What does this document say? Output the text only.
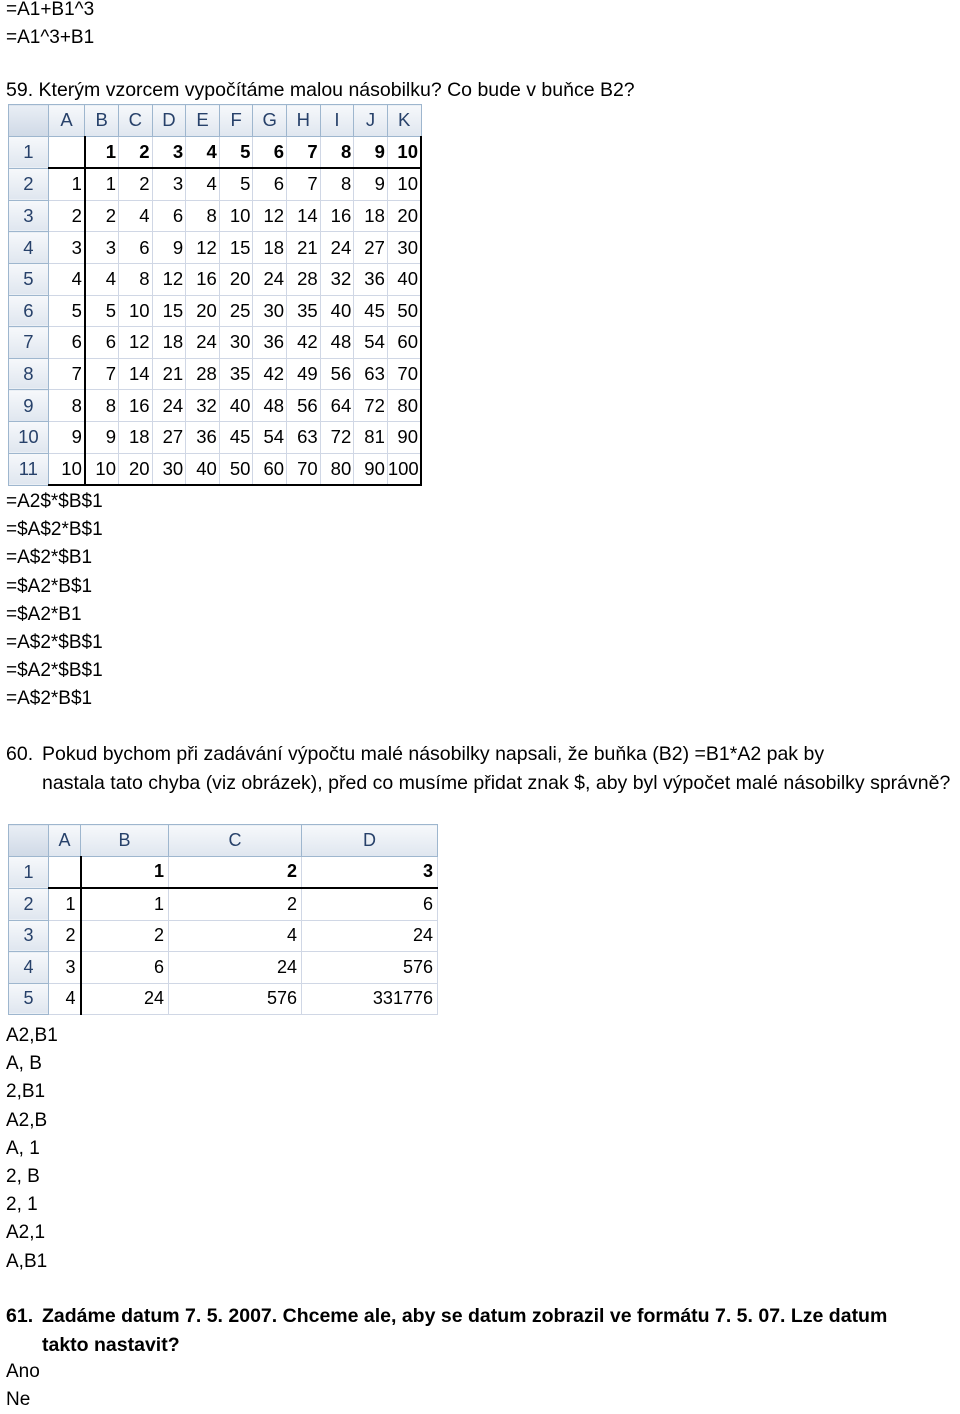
=A1+B1^3
=A1^3+B1
59. Kterým vzorcem vypočítáme malou násobilku? Co bude v buňce B2?
	A	B	C	D	E	F	G	H	I	J	K
1		1	2	3	4	5	6	7	8	9	10
2	1	1	2	3	4	5	6	7	8	9	10
3	2	2	4	6	8	10	12	14	16	18	20
4	3	3	6	9	12	15	18	21	24	27	30
5	4	4	8	12	16	20	24	28	32	36	40
6	5	5	10	15	20	25	30	35	40	45	50
7	6	6	12	18	24	30	36	42	48	54	60
8	7	7	14	21	28	35	42	49	56	63	70
9	8	8	16	24	32	40	48	56	64	72	80
10	9	9	18	27	36	45	54	63	72	81	90
11	10	10	20	30	40	50	60	70	80	90	100
=A2$*$B$1
=$A$2*B$1
=A$2*$B1
=$A2*B$1
=$A2*B1
=A$2*$B$1
=$A2*$B$1
=A$2*B$1
60. Pokud bychom při zadávání výpočtu malé násobilky napsali, že buňka (B2) =B1*A2 pak by
nastala tato chyba (viz obrázek), před co musíme přidat znak $, aby byl výpočet malé násobilky správně?
	A	B	C	D
1		1	2	3
2	1	1	2	6
3	2	2	4	24
4	3	6	24	576
5	4	24	576	331776
A2,B1
A, B
2,B1
A2,B
A, 1
2, B
2, 1
A2,1
A,B1
61. Zadáme datum 7. 5. 2007. Chceme ale, aby se datum zobrazil ve formátu 7. 5. 07. Lze datum
takto nastavit?
Ano
Ne
